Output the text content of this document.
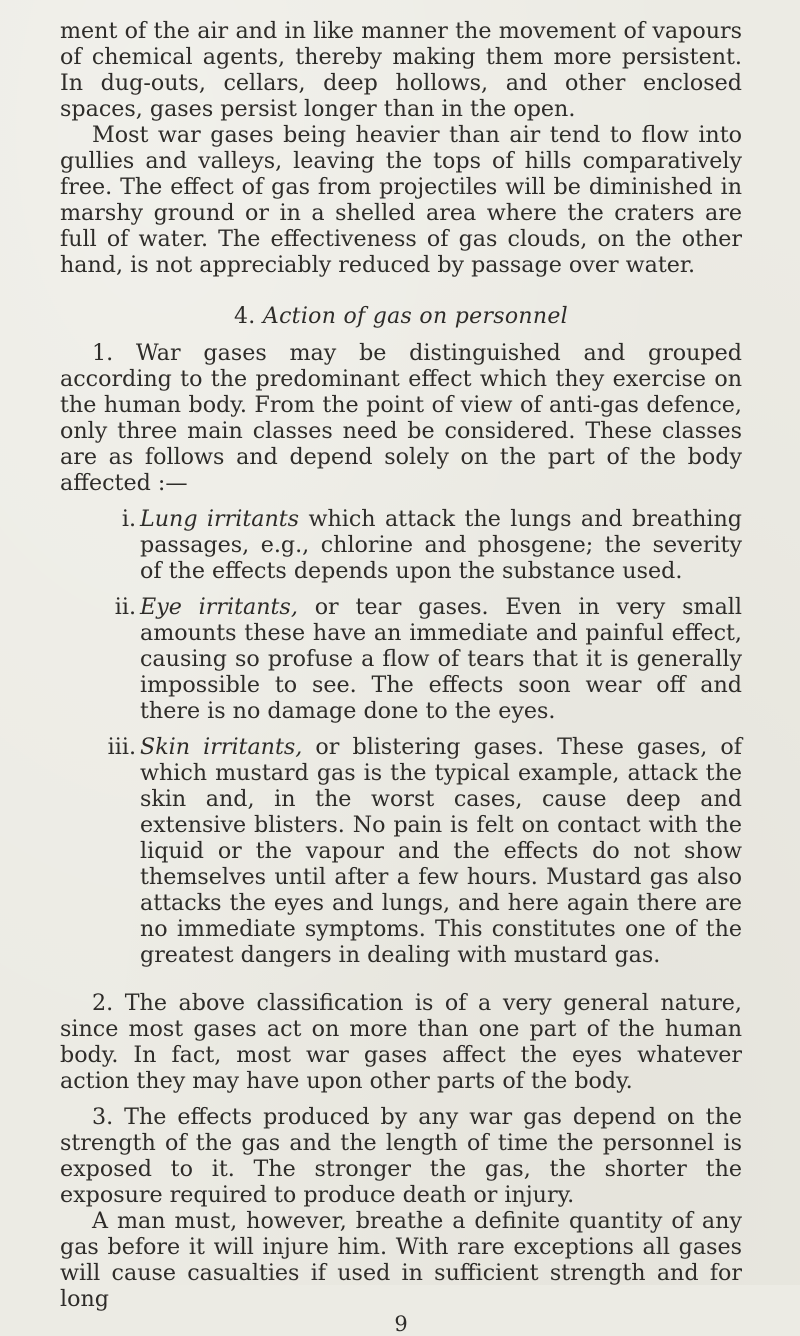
ment of the air and in like manner the movement of vapours of chemical agents, thereby making them more persistent. In dug-outs, cellars, deep hollows, and other enclosed spaces, gases persist longer than in the open.

Most war gases being heavier than air tend to flow into gullies and valleys, leaving the tops of hills comparatively free. The effect of gas from projectiles will be diminished in marshy ground or in a shelled area where the craters are full of water. The effectiveness of gas clouds, on the other hand, is not appreciably reduced by passage over water.

4. Action of gas on personnel

1. War gases may be distinguished and grouped according to the predominant effect which they exercise on the human body. From the point of view of anti-gas defence, only three main classes need be considered. These classes are as follows and depend solely on the part of the body affected :—

i. Lung irritants which attack the lungs and breathing passages, e.g., chlorine and phosgene; the severity of the effects depends upon the substance used.
ii. Eye irritants, or tear gases. Even in very small amounts these have an immediate and painful effect, causing so profuse a flow of tears that it is generally impossible to see. The effects soon wear off and there is no damage done to the eyes.
iii. Skin irritants, or blistering gases. These gases, of which mustard gas is the typical example, attack the skin and, in the worst cases, cause deep and extensive blisters. No pain is felt on contact with the liquid or the vapour and the effects do not show themselves until after a few hours. Mustard gas also attacks the eyes and lungs, and here again there are no immediate symptoms. This constitutes one of the greatest dangers in dealing with mustard gas.

2. The above classification is of a very general nature, since most gases act on more than one part of the human body. In fact, most war gases affect the eyes whatever action they may have upon other parts of the body.

3. The effects produced by any war gas depend on the strength of the gas and the length of time the personnel is exposed to it. The stronger the gas, the shorter the exposure required to produce death or injury.

A man must, however, breathe a definite quantity of any gas before it will injure him. With rare exceptions all gases will cause casualties if used in sufficient strength and for long

9
